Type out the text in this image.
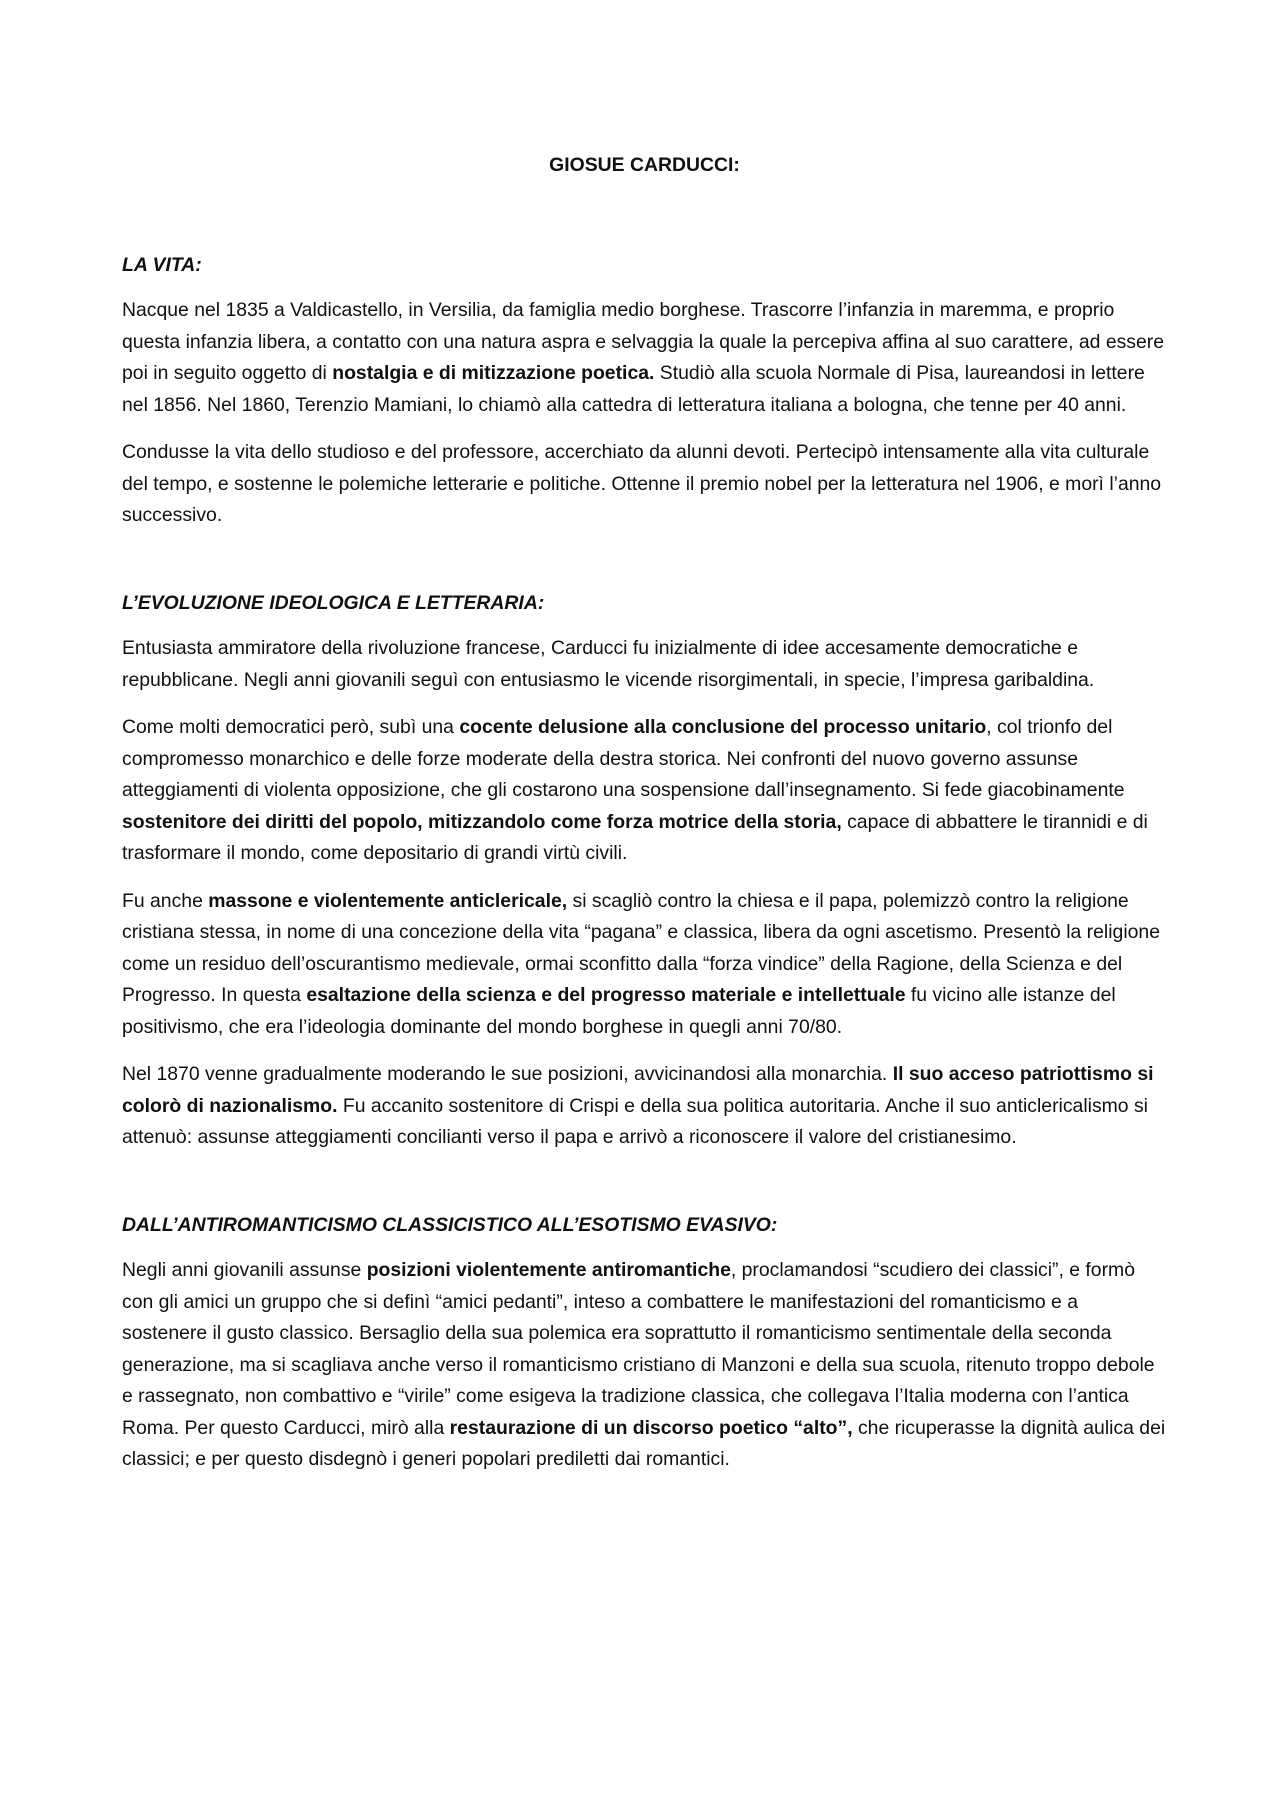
GIOSUE CARDUCCI:
LA VITA:

Nacque nel 1835 a Valdicastello, in Versilia, da famiglia medio borghese. Trascorre l’infanzia in maremma, e proprio questa infanzia libera, a contatto con una natura aspra e selvaggia la quale la percepiva affina al suo carattere, ad essere poi in seguito oggetto di nostalgia e di mitizzazione poetica. Studiò alla scuola Normale di Pisa, laureandosi in lettere nel 1856. Nel 1860, Terenzio Mamiani, lo chiamò alla cattedra di letteratura italiana a bologna, che tenne per 40 anni.

Condusse la vita dello studioso e del professore, accerchiato da alunni devoti. Pertecipò intensamente alla vita culturale del tempo, e sostenne le polemiche letterarie e politiche. Ottenne il premio nobel per la letteratura nel 1906, e morì l’anno successivo.

L’EVOLUZIONE IDEOLOGICA E LETTERARIA:

Entusiasta ammiratore della rivoluzione francese, Carducci fu inizialmente di idee accesamente democratiche e repubblicane. Negli anni giovanili seguì con entusiasmo le vicende risorgimentali, in specie, l’impresa garibaldina.

Come molti democratici però, subì una cocente delusione alla conclusione del processo unitario, col trionfo del compromesso monarchico e delle forze moderate della destra storica. Nei confronti del nuovo governo assunse atteggiamenti di violenta opposizione, che gli costarono una sospensione dall’insegnamento. Si fede giacobinamente sostenitore dei diritti del popolo, mitizzandolo come forza motrice della storia, capace di abbattere le tirannidi e di trasformare il mondo, come depositario di grandi virtù civili.

Fu anche massone e violentemente anticlericale, si scagliò contro la chiesa e il papa, polemizzò contro la religione cristiana stessa, in nome di una concezione della vita “pagana” e classica, libera da ogni ascetismo. Presentò la religione come un residuo dell’oscurantismo medievale, ormai sconfitto dalla “forza vindice” della Ragione, della Scienza e del Progresso. In questa esaltazione della scienza e del progresso materiale e intellettuale fu vicino alle istanze del positivismo, che era l’ideologia dominante del mondo borghese in quegli anni 70/80.

Nel 1870 venne gradualmente moderando le sue posizioni, avvicinandosi alla monarchia. Il suo acceso patriottismo si colorò di nazionalismo. Fu accanito sostenitore di Crispi e della sua politica autoritaria. Anche il suo anticlericalismo si attenuò: assunse atteggiamenti concilianti verso il papa e arrivò a riconoscere il valore del cristianesimo.

DALL’ANTIROMANTICISMO CLASSICISTICO ALL’ESOTISMO EVASIVO:

Negli anni giovanili assunse posizioni violentemente antiromantiche, proclamandosi “scudiero dei classici”, e formò con gli amici un gruppo che si definì “amici pedanti”, inteso a combattere le manifestazioni del romanticismo e a sostenere il gusto classico. Bersaglio della sua polemica era soprattutto il romanticismo sentimentale della seconda generazione, ma si scagliava anche verso il romanticismo cristiano di Manzoni e della sua scuola, ritenuto troppo debole e rassegnato, non combattivo e “virile” come esigeva la tradizione classica, che collegava l’Italia moderna con l’antica Roma. Per questo Carducci, mirò alla restaurazione di un discorso poetico “alto”, che ricuperasse la dignità aulica dei classici; e per questo disdegnò i generi popolari prediletti dai romantici.
